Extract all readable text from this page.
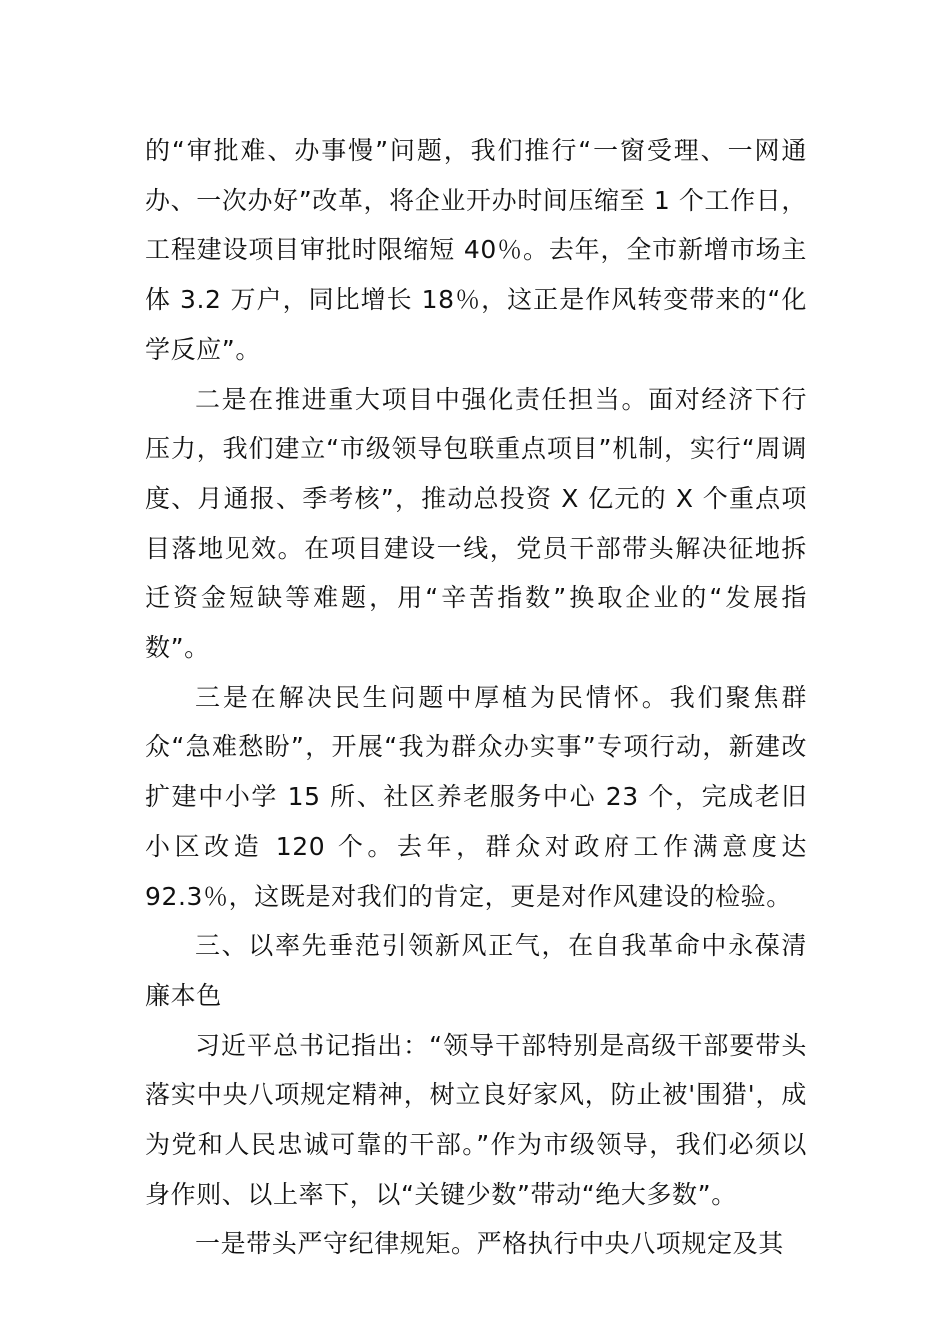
的“审批难、办事慢”问题，我们推行“一窗受理、一网通办、一次办好”改革，将企业开办时间压缩至 1 个工作日，工程建设项目审批时限缩短 40％。去年，全市新增市场主体 3.2 万户，同比增长 18％，这正是作风转变带来的“化学反应”。

二是在推进重大项目中强化责任担当。面对经济下行压力，我们建立“市级领导包联重点项目”机制，实行“周调度、月通报、季考核”，推动总投资 X 亿元的 X 个重点项目落地见效。在项目建设一线，党员干部带头解决征地拆迁资金短缺等难题，用“辛苦指数”换取企业的“发展指数”。

三是在解决民生问题中厚植为民情怀。我们聚焦群众“急难愁盼”，开展“我为群众办实事”专项行动，新建改扩建中小学 15 所、社区养老服务中心 23 个，完成老旧小区改造 120 个。去年，群众对政府工作满意度达 92.3％，这既是对我们的肯定，更是对作风建设的检验。

三、以率先垂范引领新风正气，在自我革命中永葆清廉本色

习近平总书记指出：“领导干部特别是高级干部要带头落实中央八项规定精神，树立良好家风，防止被'围猎'，成为党和人民忠诚可靠的干部。”作为市级领导，我们必须以身作则、以上率下，以“关键少数”带动“绝大多数”。

一是带头严守纪律规矩。严格执行中央八项规定及其
